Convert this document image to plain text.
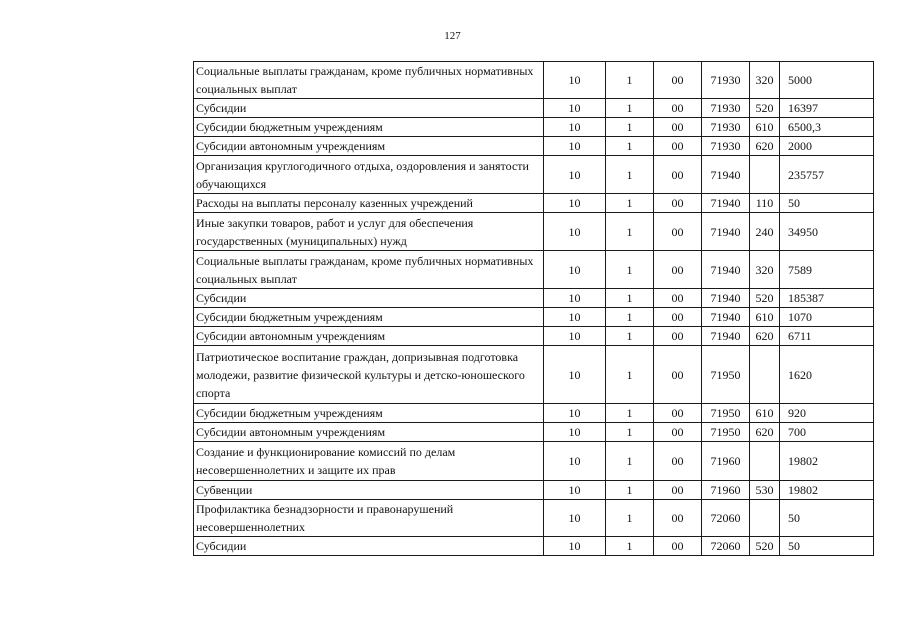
127
Социальные выплаты гражданам, кроме публичных нормативных социальных выплат	10	1	00	71930	320	5000
Субсидии	10	1	00	71930	520	16397
Субсидии бюджетным учреждениям	10	1	00	71930	610	6500,3
Субсидии автономным учреждениям	10	1	00	71930	620	2000
Организация круглогодичного отдыха, оздоровления и занятости обучающихся	10	1	00	71940		235757
Расходы на выплаты персоналу казенных учреждений	10	1	00	71940	110	50
Иные закупки товаров, работ и услуг для обеспечения государственных (муниципальных) нужд	10	1	00	71940	240	34950
Социальные выплаты гражданам, кроме публичных нормативных социальных выплат	10	1	00	71940	320	7589
Субсидии	10	1	00	71940	520	185387
Субсидии бюджетным учреждениям	10	1	00	71940	610	1070
Субсидии автономным учреждениям	10	1	00	71940	620	6711
Патриотическое воспитание граждан, допризывная подготовка молодежи, развитие физической культуры и детско-юношеского спорта	10	1	00	71950		1620
Субсидии бюджетным учреждениям	10	1	00	71950	610	920
Субсидии автономным учреждениям	10	1	00	71950	620	700
Создание и функционирование комиссий по делам несовершеннолетних и защите их прав	10	1	00	71960		19802
Субвенции	10	1	00	71960	530	19802
Профилактика безнадзорности и правонарушений несовершеннолетних	10	1	00	72060		50
Субсидии	10	1	00	72060	520	50
